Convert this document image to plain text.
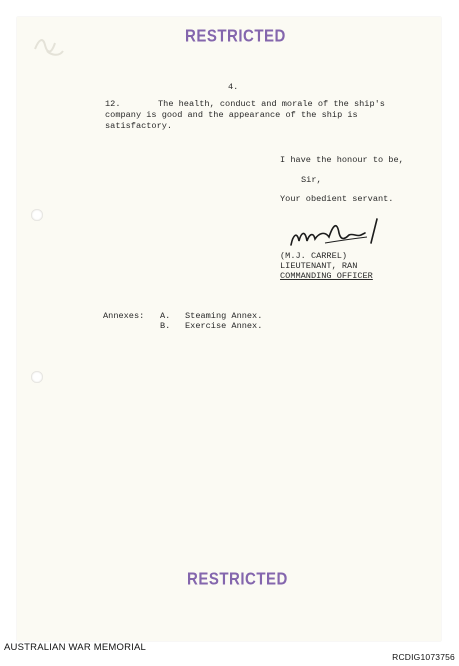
RESTRICTED
4.
12.	The health, conduct and morale of the ship's
company is good and the appearance of the ship is
satisfactory.
I have the honour to be,
Sir,
Your obedient servant.
(M.J. CARREL)
LIEUTENANT, RAN
COMMANDING OFFICER
Annexes: A. Steaming Annex.
B. Exercise Annex.
RESTRICTED
AUSTRALIAN WAR MEMORIAL
RCDIG1073756
